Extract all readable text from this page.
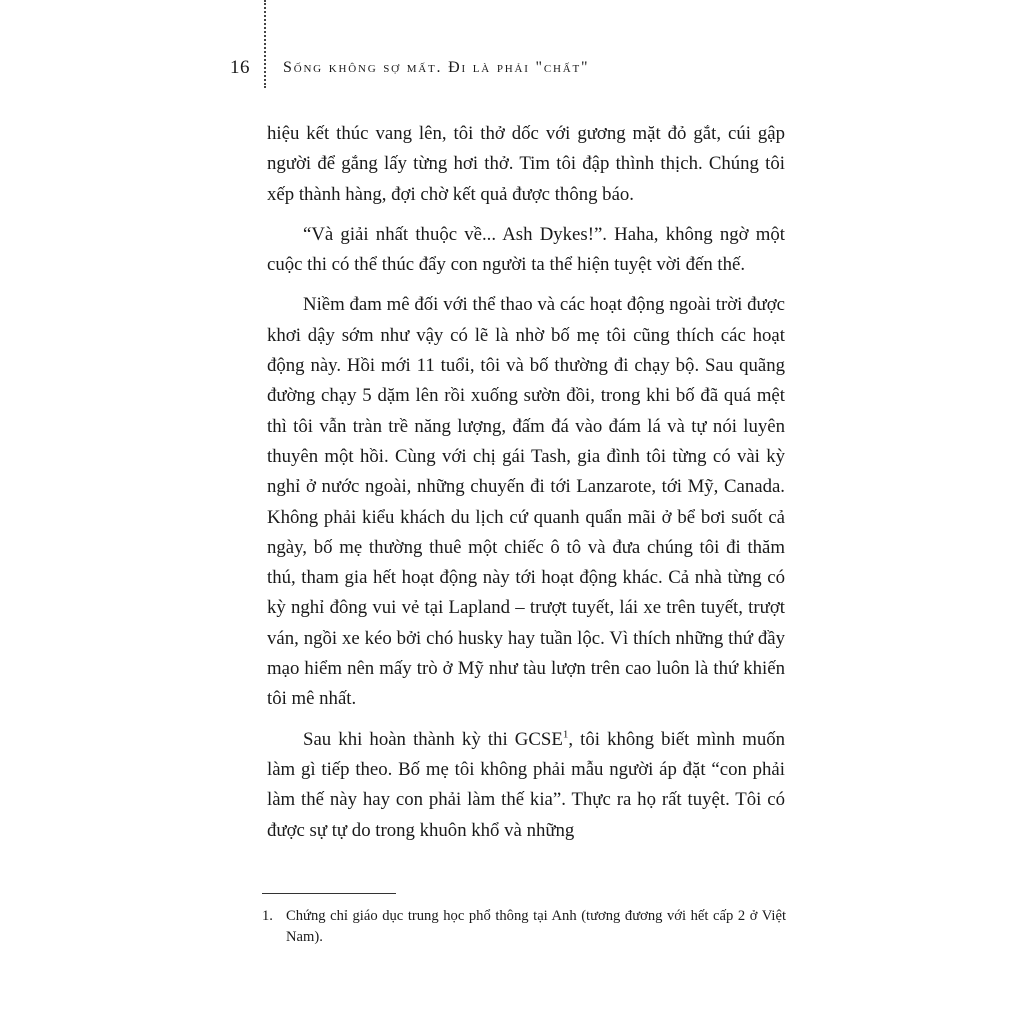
16 Sống không sợ mất. Đi là phải "chất"

hiệu kết thúc vang lên, tôi thở dốc với gương mặt đỏ gắt, cúi gập người để gắng lấy từng hơi thở. Tim tôi đập thình thịch. Chúng tôi xếp thành hàng, đợi chờ kết quả được thông báo.

“Và giải nhất thuộc về... Ash Dykes!”. Haha, không ngờ một cuộc thi có thể thúc đẩy con người ta thể hiện tuyệt vời đến thế.

Niềm đam mê đối với thể thao và các hoạt động ngoài trời được khơi dậy sớm như vậy có lẽ là nhờ bố mẹ tôi cũng thích các hoạt động này. Hồi mới 11 tuổi, tôi và bố thường đi chạy bộ. Sau quãng đường chạy 5 dặm lên rồi xuống sườn đồi, trong khi bố đã quá mệt thì tôi vẫn tràn trề năng lượng, đấm đá vào đám lá và tự nói luyên thuyên một hồi. Cùng với chị gái Tash, gia đình tôi từng có vài kỳ nghỉ ở nước ngoài, những chuyến đi tới Lanzarote, tới Mỹ, Canada. Không phải kiểu khách du lịch cứ quanh quẩn mãi ở bể bơi suốt cả ngày, bố mẹ thường thuê một chiếc ô tô và đưa chúng tôi đi thăm thú, tham gia hết hoạt động này tới hoạt động khác. Cả nhà từng có kỳ nghỉ đông vui vẻ tại Lapland – trượt tuyết, lái xe trên tuyết, trượt ván, ngồi xe kéo bởi chó husky hay tuần lộc. Vì thích những thứ đầy mạo hiểm nên mấy trò ở Mỹ như tàu lượn trên cao luôn là thứ khiến tôi mê nhất.

Sau khi hoàn thành kỳ thi GCSE$^1$, tôi không biết mình muốn làm gì tiếp theo. Bố mẹ tôi không phải mẫu người áp đặt “con phải làm thế này hay con phải làm thế kia”. Thực ra họ rất tuyệt. Tôi có được sự tự do trong khuôn khổ và những

1. Chứng chỉ giáo dục trung học phổ thông tại Anh (tương đương với hết cấp 2 ở Việt Nam).
